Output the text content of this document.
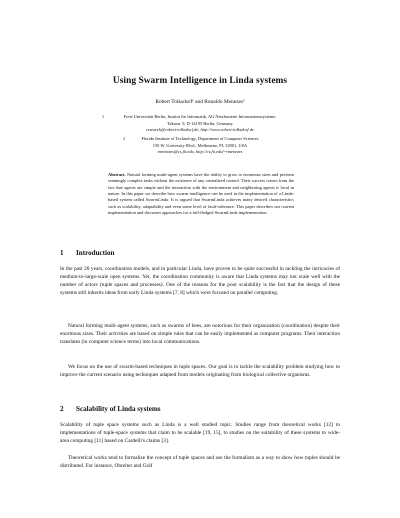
Using Swarm Intelligence in Linda systems
Robert Tolksdorf¹ and Ronaldo Menezes²
1	Freie Universität Berlin, Institut für Informatik, AG Netzbasierte Informationssysteme,
Takustr. 9, D-14195 Berlin, Germany
research@robert-tolksdorf.de, http://www.robert-tolksdorf.de
2	Florida Institute of Technology, Department of Computer Sciences
150 W. University Blvd., Melbourne, FL 32901, USA
rmenezes@cs.fit.edu, http://cs.fit.edu/~rmenezes
Abstract. Natural forming multi-agent systems have the ability to grow to enormous sizes and perform seemingly complex tasks without the existence of any centralized control. Their success comes from the fact that agents are simple and the interaction with the environment and neighboring agents is local in nature. In this paper we describe how swarm intelligence can be used in the implementation of a Linda-based system called SwarmLinda. It is argued that SwarmLinda achieves many desired characteristics such as scalability, adaptability and even some level of fault-tolerance. This paper describes our current implementation and discusses approaches for a full-fledged SwarmLinda implementation.
1 Introduction
In the past 20 years, coordination models, and in particular Linda, have proven to be quite successful in tackling the intricacies of medium-to-large-scale open systems. Yet, the coordination community is aware that Linda systems may not scale well with the number of actors (tuple spaces and processes). One of the reasons for the poor scalability is the fact that the design of these systems still inherits ideas from early Linda systems [7, 8] which were focused on parallel computing.
Natural forming multi-agent systems, such as swarms of bees, are notorious for their organization (coordination) despite their enormous sizes. Their activities are based on simple rules that can be easily implemented as computer programs. Their interaction translates (in computer science terms) into local communications.
We focus on the use of swarm-based techniques in tuple spaces. Our goal is to tackle the scalability problem studying how to improve the current scenario using techniques adapted from models originating from biological collective organisms.
2 Scalability of Linda systems
Scalability of tuple space systems such as Linda is a well studied topic. Studies range from theoretical works [12] to implementations of tuple-space systems that claim to be scalable [19, 15], to studies on the suitability of these systems to wide-area computing [11] based on Cardelli's claims [3].
Theoretical works tend to formalize the concept of tuple spaces and use the formalism as a way to show how tuples should be distributed. For instance, Obreiter and Gräf
